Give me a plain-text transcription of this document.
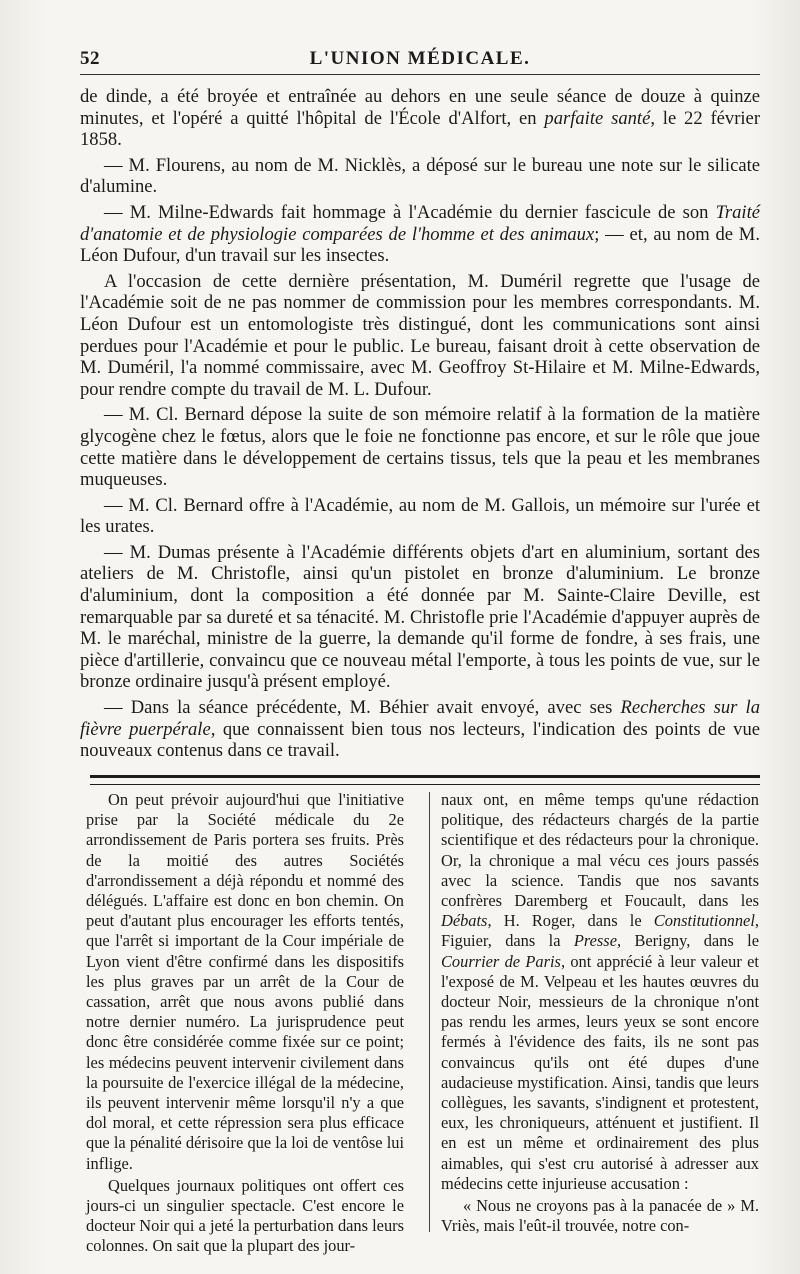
52	L'UNION MÉDICALE.

de dinde, a été broyée et entraînée au dehors en une seule séance de douze à quinze minutes, et l'opéré a quitté l'hôpital de l'École d'Alfort, en parfaite santé, le 22 février 1858.

— M. Flourens, au nom de M. Nicklès, a déposé sur le bureau une note sur le silicate d'alumine.

— M. Milne-Edwards fait hommage à l'Académie du dernier fascicule de son Traité d'anatomie et de physiologie comparées de l'homme et des animaux; — et, au nom de M. Léon Dufour, d'un travail sur les insectes.

A l'occasion de cette dernière présentation, M. Duméril regrette que l'usage de l'Académie soit de ne pas nommer de commission pour les membres correspondants. M. Léon Dufour est un entomologiste très distingué, dont les communications sont ainsi perdues pour l'Académie et pour le public. Le bureau, faisant droit à cette observation de M. Duméril, l'a nommé commissaire, avec M. Geoffroy St-Hilaire et M. Milne-Edwards, pour rendre compte du travail de M. L. Dufour.

— M. Cl. Bernard dépose la suite de son mémoire relatif à la formation de la matière glycogène chez le fœtus, alors que le foie ne fonctionne pas encore, et sur le rôle que joue cette matière dans le développement de certains tissus, tels que la peau et les membranes muqueuses.

— M. Cl. Bernard offre à l'Académie, au nom de M. Gallois, un mémoire sur l'urée et les urates.

— M. Dumas présente à l'Académie différents objets d'art en aluminium, sortant des ateliers de M. Christofle, ainsi qu'un pistolet en bronze d'aluminium. Le bronze d'aluminium, dont la composition a été donnée par M. Sainte-Claire Deville, est remarquable par sa dureté et sa ténacité. M. Christofle prie l'Académie d'appuyer auprès de M. le maréchal, ministre de la guerre, la demande qu'il forme de fondre, à ses frais, une pièce d'artillerie, convaincu que ce nouveau métal l'emporte, à tous les points de vue, sur le bronze ordinaire jusqu'à présent employé.

— Dans la séance précédente, M. Béhier avait envoyé, avec ses Recherches sur la fièvre puerpérale, que connaissent bien tous nos lecteurs, l'indication des points de vue nouveaux contenus dans ce travail.

On peut prévoir aujourd'hui que l'initiative prise par la Société médicale du 2e arrondissement de Paris portera ses fruits. Près de la moitié des autres Sociétés d'arrondissement a déjà répondu et nommé des délégués. L'affaire est donc en bon chemin. On peut d'autant plus encourager les efforts tentés, que l'arrêt si important de la Cour impériale de Lyon vient d'être confirmé dans les dispositifs les plus graves par un arrêt de la Cour de cassation, arrêt que nous avons publié dans notre dernier numéro. La jurisprudence peut donc être considérée comme fixée sur ce point; les médecins peuvent intervenir civilement dans la poursuite de l'exercice illégal de la médecine, ils peuvent intervenir même lorsqu'il n'y a que dol moral, et cette répression sera plus efficace que la pénalité dérisoire que la loi de ventôse lui inflige.

Quelques journaux politiques ont offert ces jours-ci un singulier spectacle. C'est encore le docteur Noir qui a jeté la perturbation dans leurs colonnes. On sait que la plupart des jour-

naux ont, en même temps qu'une rédaction politique, des rédacteurs chargés de la partie scientifique et des rédacteurs pour la chronique. Or, la chronique a mal vécu ces jours passés avec la science. Tandis que nos savants confrères Daremberg et Foucault, dans les Débats, H. Roger, dans le Constitutionnel, Figuier, dans la Presse, Berigny, dans le Courrier de Paris, ont apprécié à leur valeur et l'exposé de M. Velpeau et les hautes œuvres du docteur Noir, messieurs de la chronique n'ont pas rendu les armes, leurs yeux se sont encore fermés à l'évidence des faits, ils ne sont pas convaincus qu'ils ont été dupes d'une audacieuse mystification. Ainsi, tandis que leurs collègues, les savants, s'indignent et protestent, eux, les chroniqueurs, atténuent et justifient. Il en est un même et ordinairement des plus aimables, qui s'est cru autorisé à adresser aux médecins cette injurieuse accusation :

« Nous ne croyons pas à la panacée de » M. Vriès, mais l'eût-il trouvée, notre con-
